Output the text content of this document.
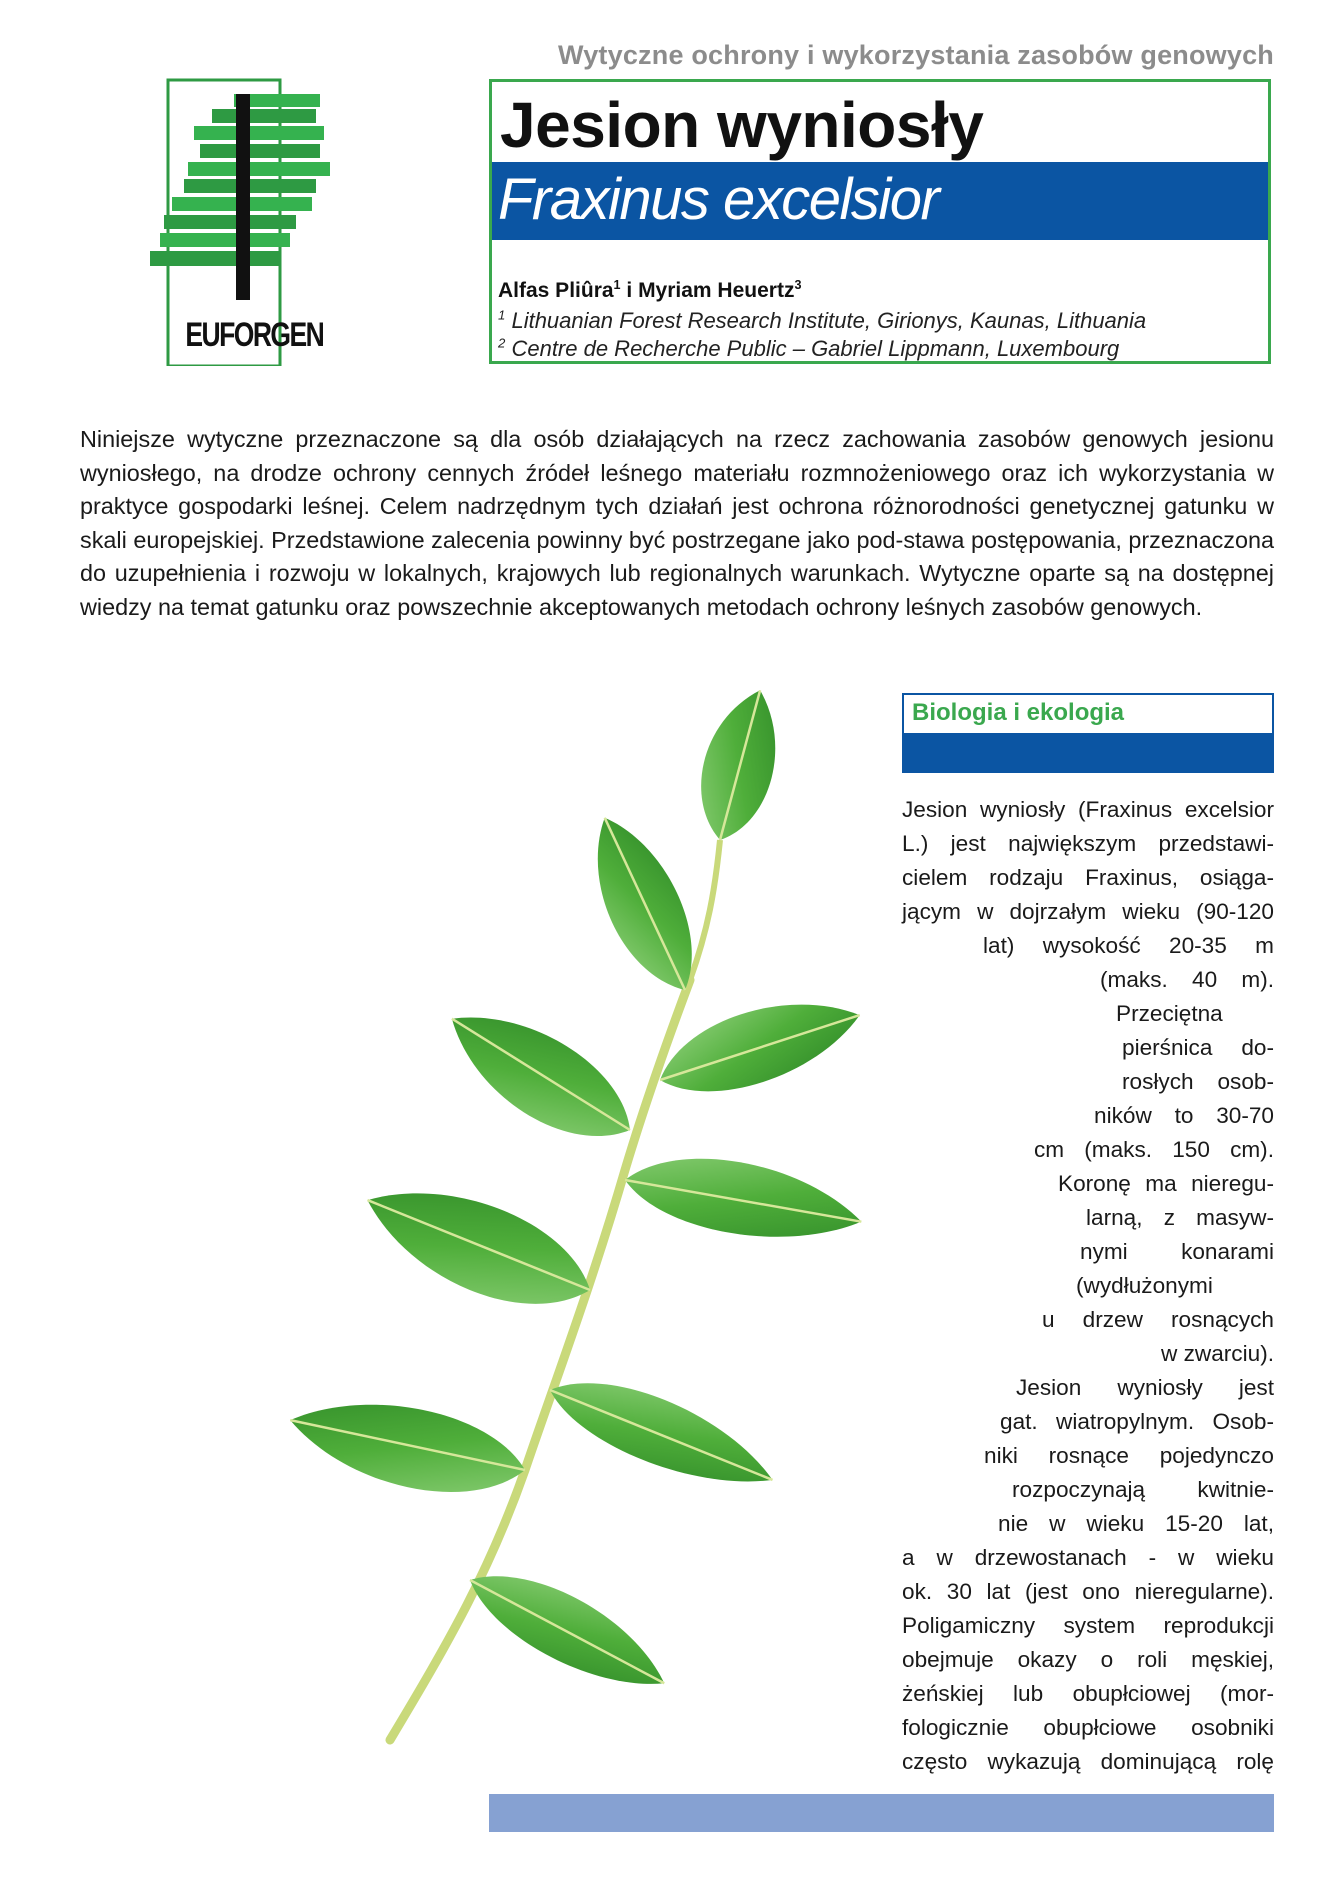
Wytyczne ochrony i wykorzystania zasobów genowych
Jesion wyniosły
Fraxinus excelsior
Alfas Pliûra$^1$ i Myriam Heuertz$^3$
$^1$ Lithuanian Forest Research Institute, Girionys, Kaunas, Lithuania
$^2$ Centre de Recherche Public – Gabriel Lippmann, Luxembourg
EUFORGEN
Niniejsze wytyczne przeznaczone są dla osób działających na rzecz zachowania zasobów genowych jesionu wyniosłego, na drodze ochrony cennych źródeł leśnego materiału rozmnożeniowego oraz ich wykorzystania w praktyce gospodarki leśnej. Celem nadrzędnym tych działań jest ochrona różnorodności genetycznej gatunku w skali europejskiej. Przedstawione zalecenia powinny być postrzegane jako pod-stawa postępowania, przeznaczona do uzupełnienia i rozwoju w lokalnych, krajowych lub regionalnych warunkach. Wytyczne oparte są na dostępnej wiedzy na temat gatunku oraz powszechnie akceptowanych metodach ochrony leśnych zasobów genowych.
Biologia i ekologia
Jesion wyniosły (Fraxinus excelsior
L.) jest największym przedstawi-
cielem rodzaju Fraxinus, osiąga-
jącym w dojrzałym wieku (90-120
lat) wysokość 20-35 m
(maks. 40 m).
Przeciętna
pierśnica do-
rosłych osob-
ników to 30-70
cm (maks. 150 cm).
Koronę ma nieregu-
larną, z masyw-
nymi konarami
(wydłużonymi
u drzew rosnących
w zwarciu).
Jesion wyniosły jest
gat. wiatropylnym. Osob-
niki rosnące pojedynczo
rozpoczynają kwitnie-
nie w wieku 15-20 lat,
a w drzewostanach - w wieku
ok. 30 lat (jest ono nieregularne).
Poligamiczny system reprodukcji
obejmuje okazy o roli męskiej,
żeńskiej lub obupłciowej (mor-
fologicznie obupłciowe osobniki
często wykazują dominującą rolę
